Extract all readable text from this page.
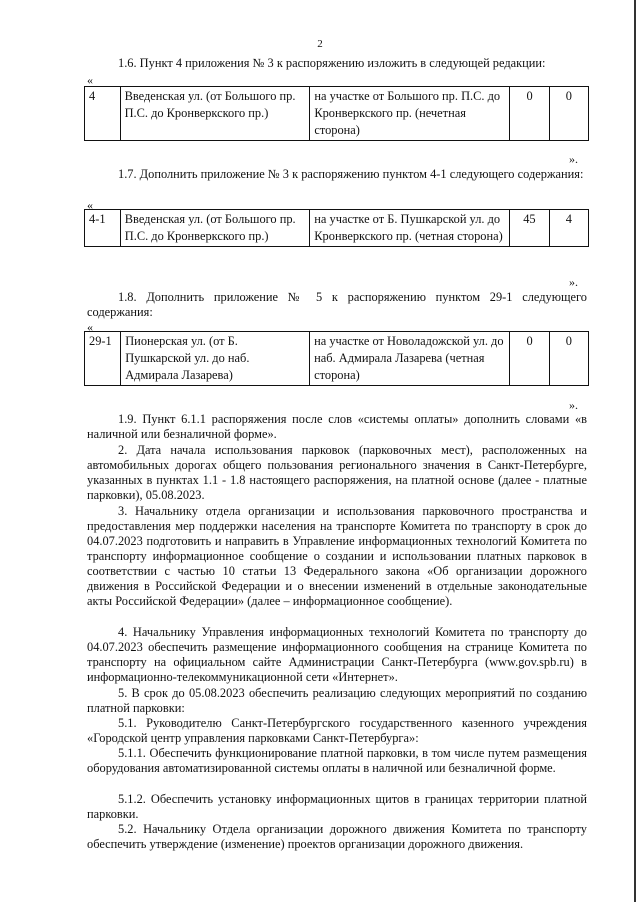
2
1.6. Пункт 4 приложения № 3 к распоряжению изложить в следующей редакции:
«
4	Введенская ул. (от Большого пр. П.С. до Кронверкского пр.)	на участке от Большого пр. П.С. до Кронверкского пр. (нечетная сторона)	0	0
».
1.7. Дополнить приложение № 3 к распоряжению пунктом 4-1 следующего содержания:
«
4-1	Введенская ул. (от Большого пр. П.С. до Кронверкского пр.)	на участке от Б. Пушкарской ул. до Кронверкского пр. (четная сторона)	45	4
».
1.8. Дополнить приложение № 5 к распоряжению пунктом 29-1 следующего содержания:
«
29-1	Пионерская ул. (от Б. Пушкарской ул. до наб. Адмирала Лазарева)	на участке от Новоладожской ул. до наб. Адмирала Лазарева (четная сторона)	0	0
».
1.9. Пункт 6.1.1 распоряжения после слов «системы оплаты» дополнить словами «в наличной или безналичной форме».
2. Дата начала использования парковок (парковочных мест), расположенных на автомобильных дорогах общего пользования регионального значения в Санкт-Петербурге, указанных в пунктах 1.1 - 1.8 настоящего распоряжения, на платной основе (далее - платные парковки), 05.08.2023.
3. Начальнику отдела организации и использования парковочного пространства и предоставления мер поддержки населения на транспорте Комитета по транспорту в срок до 04.07.2023 подготовить и направить в Управление информационных технологий Комитета по транспорту информационное сообщение о создании и использовании платных парковок в соответствии с частью 10 статьи 13 Федерального закона «Об организации дорожного движения в Российской Федерации и о внесении изменений в отдельные законодательные акты Российской Федерации» (далее – информационное сообщение).
4. Начальнику Управления информационных технологий Комитета по транспорту до 04.07.2023 обеспечить размещение информационного сообщения на странице Комитета по транспорту на официальном сайте Администрации Санкт-Петербурга (www.gov.spb.ru) в информационно-телекоммуникационной сети «Интернет».
5. В срок до 05.08.2023 обеспечить реализацию следующих мероприятий по созданию платной парковки:
5.1. Руководителю Санкт-Петербургского государственного казенного учреждения «Городской центр управления парковками Санкт-Петербурга»:
5.1.1. Обеспечить функционирование платной парковки, в том числе путем размещения оборудования автоматизированной системы оплаты в наличной или безналичной форме.
5.1.2. Обеспечить установку информационных щитов в границах территории платной парковки.
5.2. Начальнику Отдела организации дорожного движения Комитета по транспорту обеспечить утверждение (изменение) проектов организации дорожного движения.
